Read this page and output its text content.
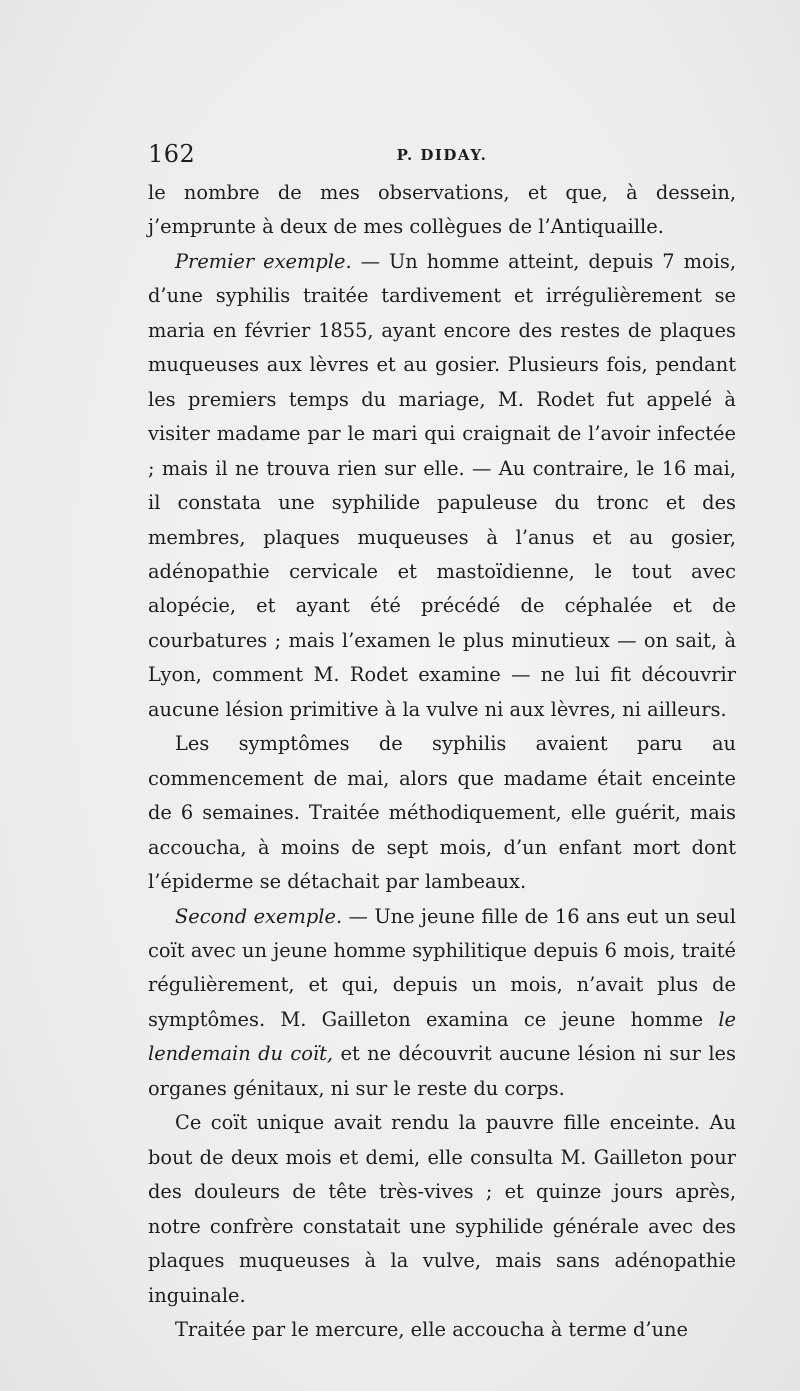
162	P. DIDAY.

le nombre de mes observations, et que, à dessein, j’emprunte à deux de mes collègues de l’Antiquaille.

Premier exemple. — Un homme atteint, depuis 7 mois, d’une syphilis traitée tardivement et irrégulièrement se maria en février 1855, ayant encore des restes de plaques muqueuses aux lèvres et au gosier. Plusieurs fois, pendant les premiers temps du mariage, M. Rodet fut appelé à visiter madame par le mari qui craignait de l’avoir infectée ; mais il ne trouva rien sur elle. — Au contraire, le 16 mai, il constata une syphilide papuleuse du tronc et des membres, plaques muqueuses à l’anus et au gosier, adénopathie cervicale et mastoïdienne, le tout avec alopécie, et ayant été précédé de céphalée et de courbatures ; mais l’examen le plus minutieux — on sait, à Lyon, comment M. Rodet examine — ne lui fit découvrir aucune lésion primitive à la vulve ni aux lèvres, ni ailleurs.

Les symptômes de syphilis avaient paru au commencement de mai, alors que madame était enceinte de 6 semaines. Traitée méthodiquement, elle guérit, mais accoucha, à moins de sept mois, d’un enfant mort dont l’épiderme se détachait par lambeaux.

Second exemple. — Une jeune fille de 16 ans eut un seul coït avec un jeune homme syphilitique depuis 6 mois, traité régulièrement, et qui, depuis un mois, n’avait plus de symptômes. M. Gailleton examina ce jeune homme le lendemain du coït, et ne découvrit aucune lésion ni sur les organes génitaux, ni sur le reste du corps.

Ce coït unique avait rendu la pauvre fille enceinte. Au bout de deux mois et demi, elle consulta M. Gailleton pour des douleurs de tête très-vives ; et quinze jours après, notre confrère constatait une syphilide générale avec des plaques muqueuses à la vulve, mais sans adénopathie inguinale.

Traitée par le mercure, elle accoucha à terme d’une
